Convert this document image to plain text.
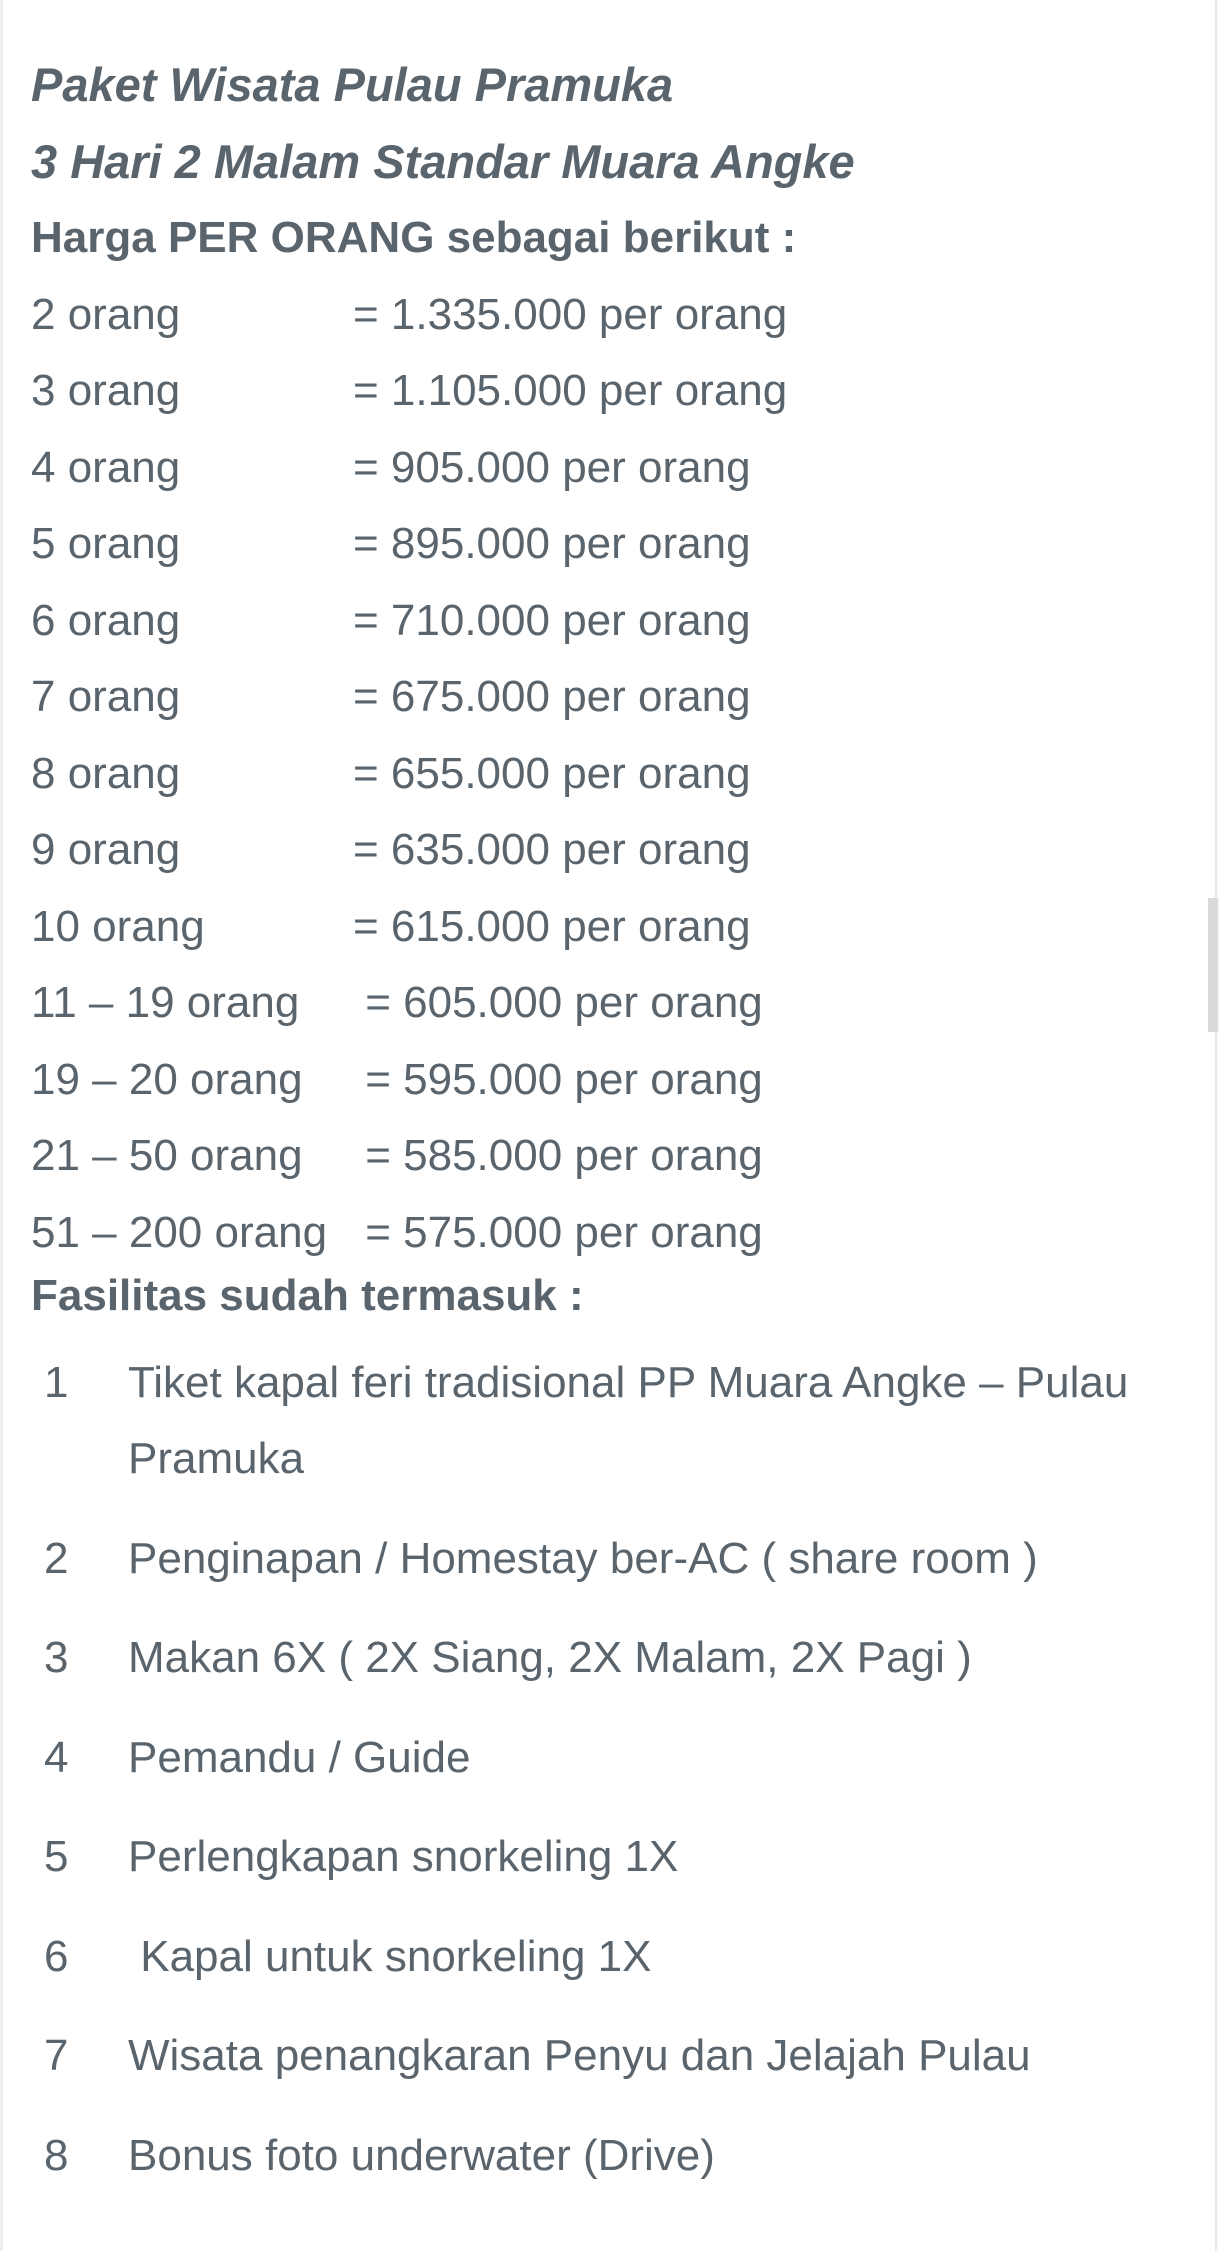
Paket Wisata Pulau Pramuka

3 Hari 2 Malam Standar Muara Angke

Harga PER ORANG sebagai berikut :

2 orang	= 1.335.000 per orang
3 orang	= 1.105.000 per orang
4 orang	= 905.000 per orang
5 orang	= 895.000 per orang
6 orang	= 710.000 per orang
7 orang	= 675.000 per orang
8 orang	= 655.000 per orang
9 orang	= 635.000 per orang
10 orang	= 615.000 per orang
11 – 19 orang	= 605.000 per orang
19 – 20 orang	= 595.000 per orang
21 – 50 orang	= 585.000 per orang
51 – 200 orang = 575.000 per orang

Fasilitas sudah termasuk :

1	Tiket kapal feri tradisional PP Muara Angke – Pulau Pramuka
2	Penginapan / Homestay ber-AC ( share room )
3	Makan 6X ( 2X Siang, 2X Malam, 2X Pagi )
4	Pemandu / Guide
5	Perlengkapan snorkeling 1X
6	Kapal untuk snorkeling 1X
7	Wisata penangkaran Penyu dan Jelajah Pulau
8	Bonus foto underwater (Drive)
